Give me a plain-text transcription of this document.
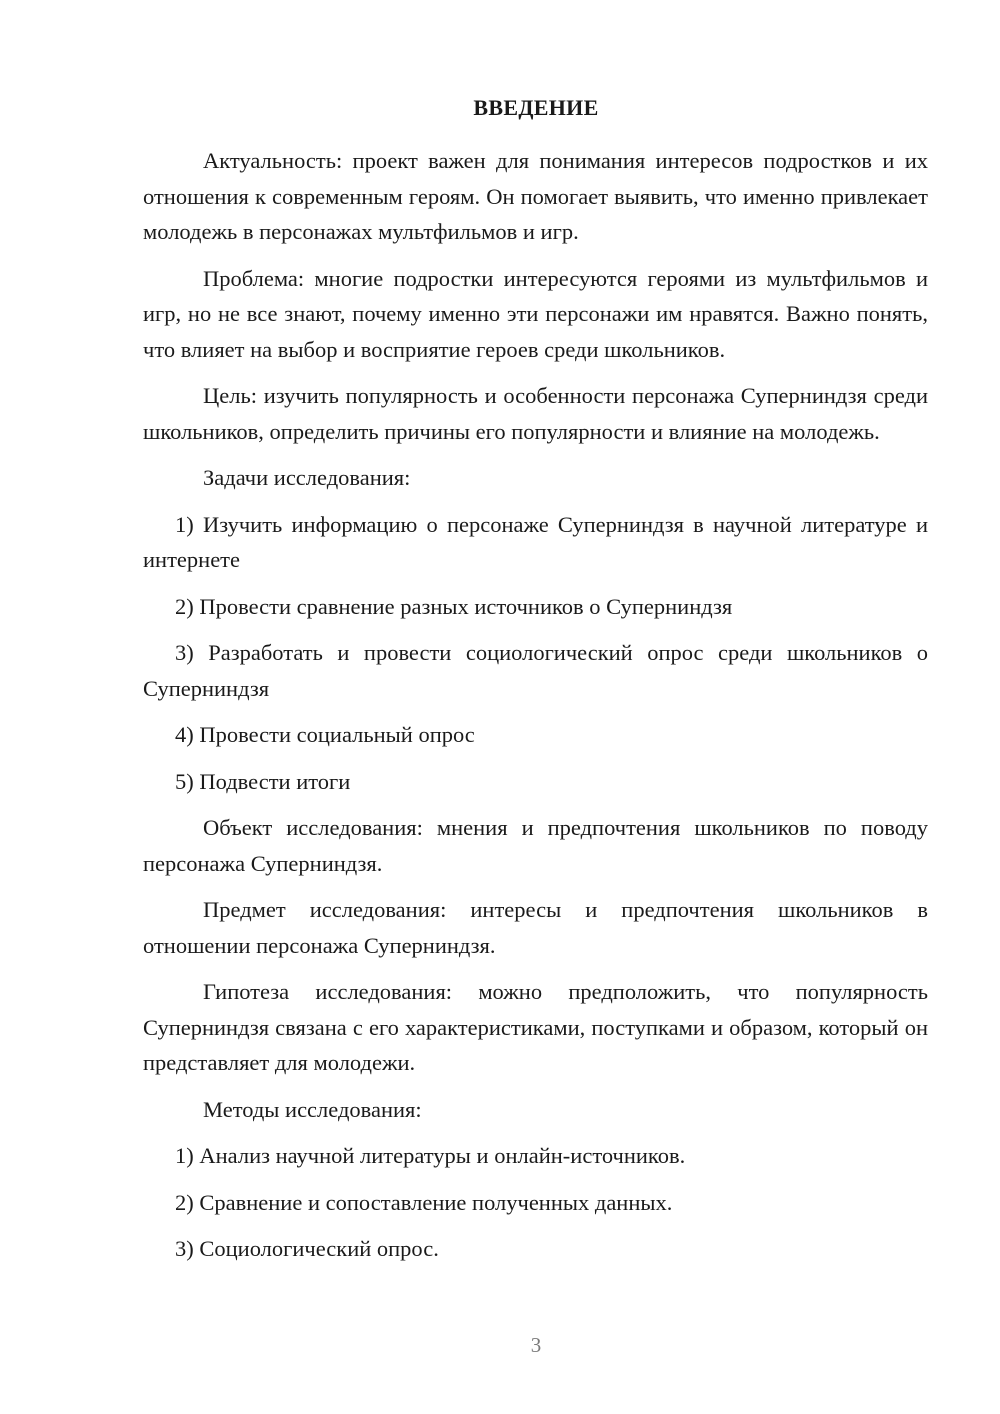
ВВЕДЕНИЕ

Актуальность: проект важен для понимания интересов подростков и их отношения к современным героям. Он помогает выявить, что именно привлекает молодежь в персонажах мультфильмов и игр.

Проблема: многие подростки интересуются героями из мультфильмов и игр, но не все знают, почему именно эти персонажи им нравятся. Важно понять, что влияет на выбор и восприятие героев среди школьников.

Цель: изучить популярность и особенности персонажа Суперниндзя среди школьников, определить причины его популярности и влияние на молодежь.

Задачи исследования:

1) Изучить информацию о персонаже Суперниндзя в научной литературе и интернете

2) Провести сравнение разных источников о Суперниндзя

3) Разработать и провести социологический опрос среди школьников о Суперниндзя

4) Провести социальный опрос

5) Подвести итоги

Объект исследования: мнения и предпочтения школьников по поводу персонажа Суперниндзя.

Предмет исследования: интересы и предпочтения школьников в отношении персонажа Суперниндзя.

Гипотеза исследования: можно предположить, что популярность Суперниндзя связана с его характеристиками, поступками и образом, который он представляет для молодежи.

Методы исследования:

1) Анализ научной литературы и онлайн-источников.

2) Сравнение и сопоставление полученных данных.

3) Социологический опрос.

3
